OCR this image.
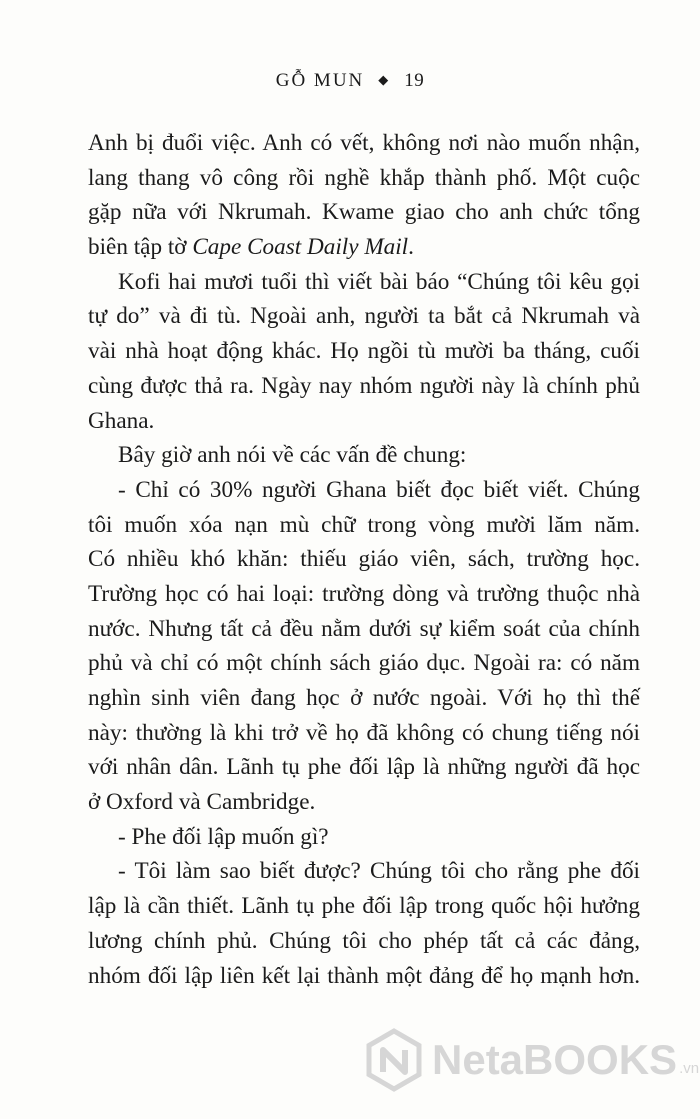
GỖ MUN ◆ 19
Anh bị đuổi việc. Anh có vết, không nơi nào muốn nhận,
lang thang vô công rồi nghề khắp thành phố. Một cuộc
gặp nữa với Nkrumah. Kwame giao cho anh chức tổng
biên tập tờ Cape Coast Daily Mail.
Kofi hai mươi tuổi thì viết bài báo “Chúng tôi kêu gọi
tự do” và đi tù. Ngoài anh, người ta bắt cả Nkrumah và
vài nhà hoạt động khác. Họ ngồi tù mười ba tháng, cuối
cùng được thả ra. Ngày nay nhóm người này là chính phủ
Ghana.
Bây giờ anh nói về các vấn đề chung:
- Chỉ có 30% người Ghana biết đọc biết viết. Chúng
tôi muốn xóa nạn mù chữ trong vòng mười lăm năm.
Có nhiều khó khăn: thiếu giáo viên, sách, trường học.
Trường học có hai loại: trường dòng và trường thuộc nhà
nước. Nhưng tất cả đều nằm dưới sự kiểm soát của chính
phủ và chỉ có một chính sách giáo dục. Ngoài ra: có năm
nghìn sinh viên đang học ở nước ngoài. Với họ thì thế
này: thường là khi trở về họ đã không có chung tiếng nói
với nhân dân. Lãnh tụ phe đối lập là những người đã học
ở Oxford và Cambridge.
- Phe đối lập muốn gì?
- Tôi làm sao biết được? Chúng tôi cho rằng phe đối
lập là cần thiết. Lãnh tụ phe đối lập trong quốc hội hưởng
lương chính phủ. Chúng tôi cho phép tất cả các đảng,
nhóm đối lập liên kết lại thành một đảng để họ mạnh hơn.
NetaBOOKS .vn
